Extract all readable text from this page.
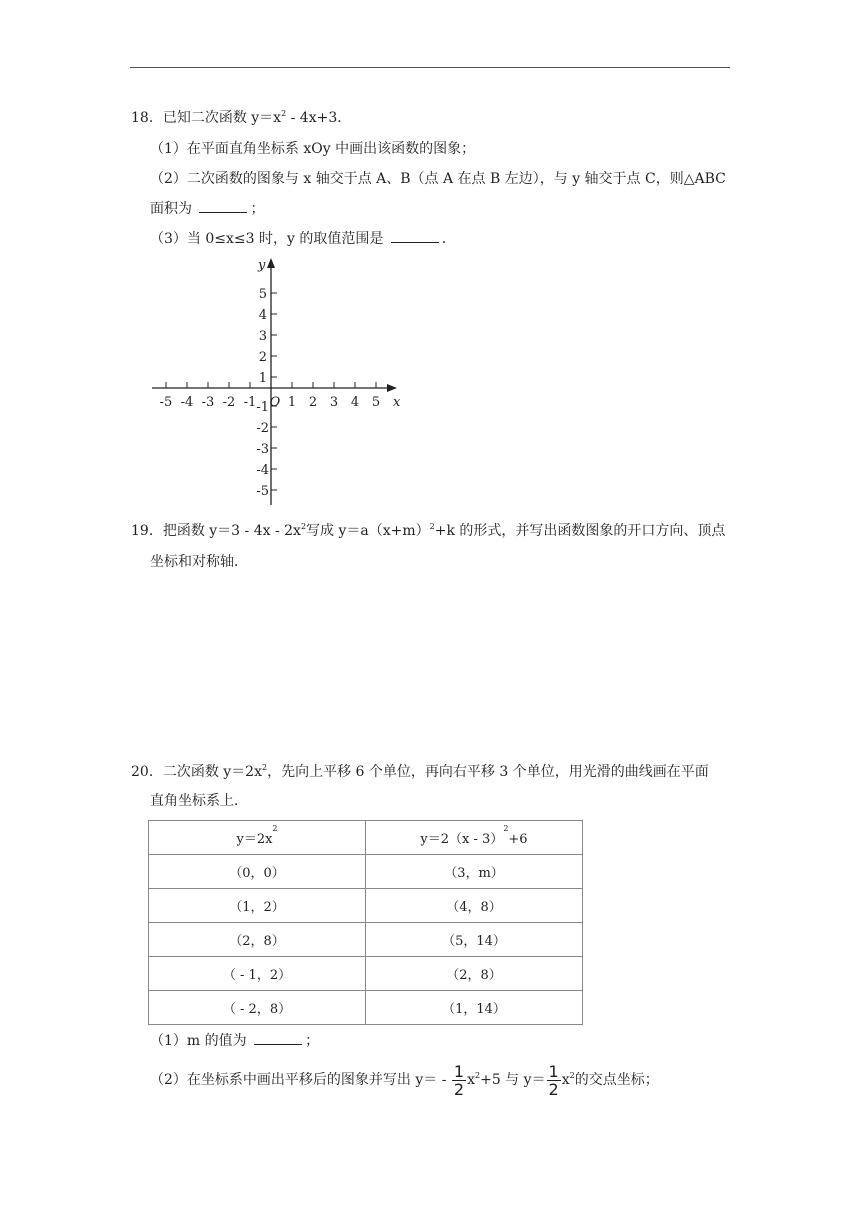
18．已知二次函数 $y=x^2 - 4x+3$．
（1）在平面直角坐标系 xOy 中画出该函数的图象；
（2）二次函数的图象与 x 轴交于点 A、B（点 A 在点 B 左边），与 y 轴交于点 C，则△ABC
面积为	；
（3）当 0≤x≤3 时，y 的取值范围是	．
-5 -4 -3 -2 -1 1 2 3 4 5
5
4
3
2
1
-1
-2
-3
-4
-5
O	x
y
19．把函数 $y=3 - 4x - 2x^2$写成 $y=a(x+m)^2+k$ 的形式，并写出函数图象的开口方向、顶点
坐标和对称轴．
20．二次函数 $y=2x^2$，先向上平移 6 个单位，再向右平移 3 个单位，用光滑的曲线画在平面
直角坐标系上．
$y=2x^2$	y＝2（x - 3）$^2$+6
（0，0）	（3，m）
（1，2）	（4，8）
（2，8）	（5，14）
（ - 1，2）	（2，8）
（ - 2，8）	（1，14）
（1）m 的值为	；
（2）在坐标系中画出平移后的图象并写出 $y= - \frac{1}{2} x^2+5$ 与 $y= \frac{1}{2} x^2$的交点坐标；
